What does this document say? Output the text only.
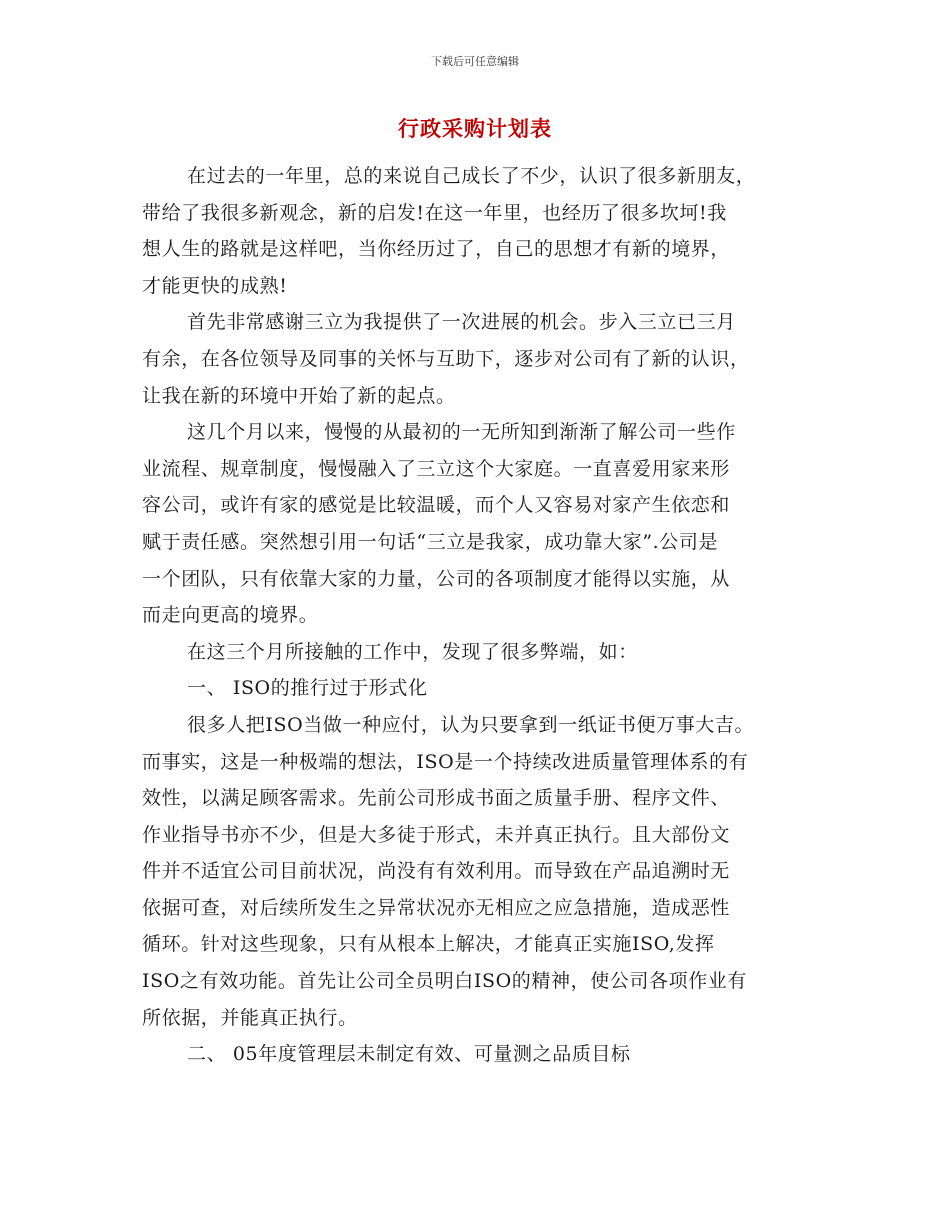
下载后可任意编辑
行政采购计划表
在过去的一年里，总的来说自己成长了不少，认识了很多新朋友，
带给了我很多新观念，新的启发!在这一年里，也经历了很多坎坷!我
想人生的路就是这样吧，当你经历过了，自己的思想才有新的境界，
才能更快的成熟!
首先非常感谢三立为我提供了一次进展的机会。步入三立已三月
有余，在各位领导及同事的关怀与互助下，逐步对公司有了新的认识，
让我在新的环境中开始了新的起点。
这几个月以来，慢慢的从最初的一无所知到渐渐了解公司一些作
业流程、规章制度，慢慢融入了三立这个大家庭。一直喜爱用家来形
容公司，或许有家的感觉是比较温暖，而个人又容易对家产生依恋和
赋于责任感。突然想引用一句话“三立是我家，成功靠大家”.公司是
一个团队，只有依靠大家的力量，公司的各项制度才能得以实施，从
而走向更高的境界。
在这三个月所接触的工作中，发现了很多弊端，如：
一、 ISO的推行过于形式化
很多人把ISO当做一种应付，认为只要拿到一纸证书便万事大吉。
而事实，这是一种极端的想法，ISO是一个持续改进质量管理体系的有
效性，以满足顾客需求。先前公司形成书面之质量手册、程序文件、
作业指导书亦不少，但是大多徒于形式，未并真正执行。且大部份文
件并不适宜公司目前状况，尚没有有效利用。而导致在产品追溯时无
依据可查，对后续所发生之异常状况亦无相应之应急措施，造成恶性
循环。针对这些现象，只有从根本上解决，才能真正实施ISO,发挥
ISO之有效功能。首先让公司全员明白ISO的精神，使公司各项作业有
所依据，并能真正执行。
二、 05年度管理层未制定有效、可量测之品质目标
